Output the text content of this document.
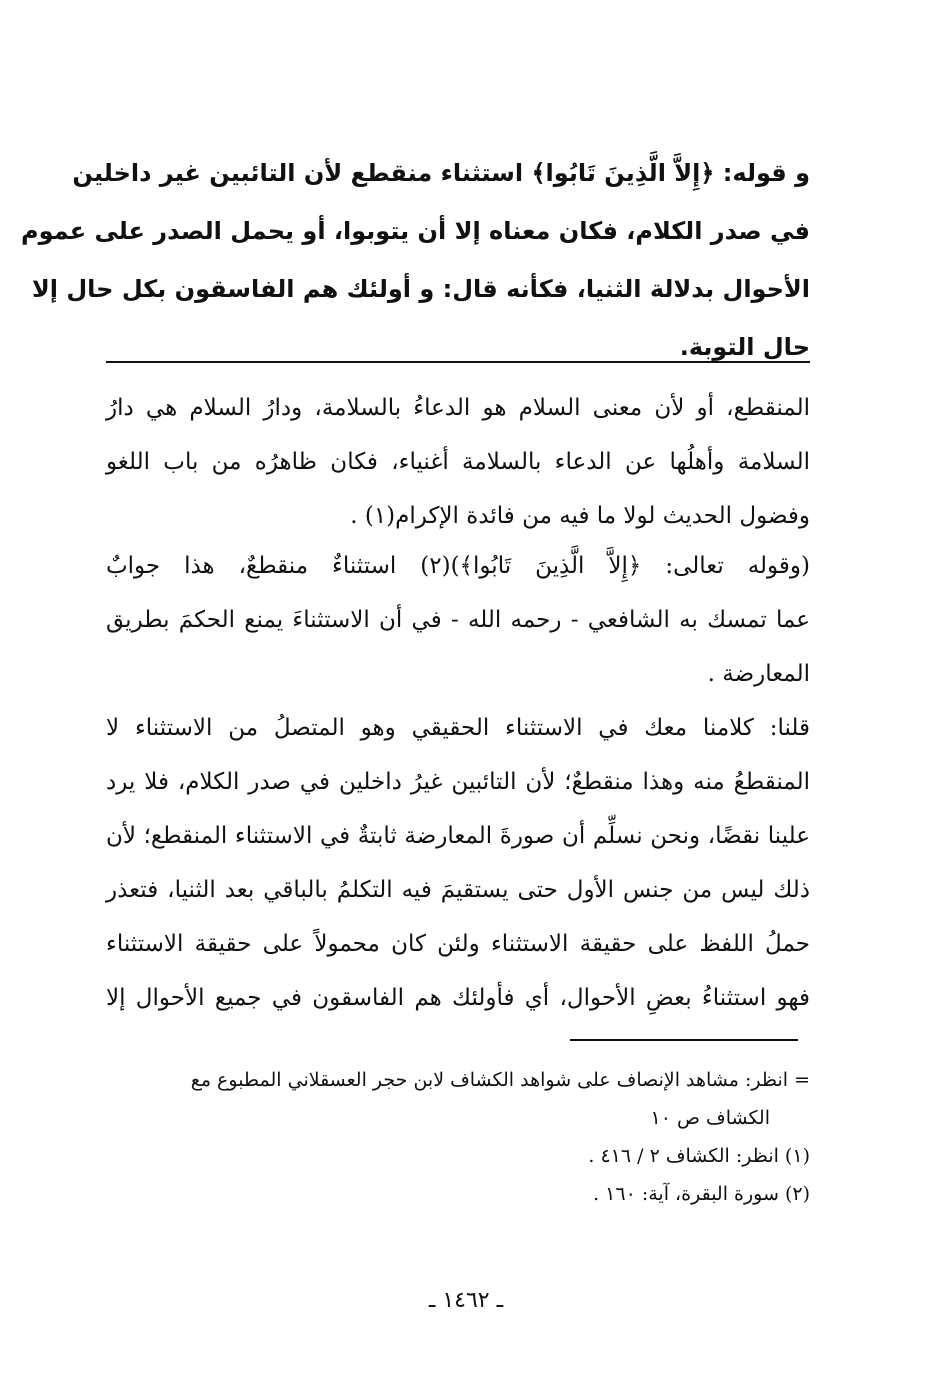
و قوله: ﴿إِلاَّ الَّذِينَ تَابُوا﴾ استثناء منقطع لأن التائبين غير داخلين
في صدر الكلام، فكان معناه إلا أن يتوبوا، أو يحمل الصدر على عموم
الأحوال بدلالة الثنيا، فكأنه قال: و أولئك هم الفاسقون بكل حال إلا
حال التوبة.
المنقطع، أو لأن معنى السلام هو الدعاءُ بالسلامة، ودارُ السلام هي دارُ
السلامة وأهلُها عن الدعاء بالسلامة أغنياء، فكان ظاهرُه من باب اللغو
وفضول الحديث لولا ما فيه من فائدة الإكرام(١) .
(وقوله تعالى: ﴿إِلاَّ الَّذِينَ تَابُوا﴾)(٢) استثناءٌ منقطعٌ، هذا جوابٌ
عما تمسك به الشافعي - رحمه الله - في أن الاستثناءَ يمنع الحكمَ بطريق
المعارضة .
قلنا: كلامنا معك في الاستثناء الحقيقي وهو المتصلُ من الاستثناء لا
المنقطعُ منه وهذا منقطعٌ؛ لأن التائبين غيرُ داخلين في صدر الكلام، فلا يرد
علينا نقضًا، ونحن نسلِّم أن صورةَ المعارضة ثابتةٌ في الاستثناء المنقطع؛ لأن
ذلك ليس من جنس الأول حتى يستقيمَ فيه التكلمُ بالباقي بعد الثنيا، فتعذر
حملُ اللفظ على حقيقة الاستثناء ولئن كان محمولاً على حقيقة الاستثناء
فهو استثناءُ بعضِ الأحوال، أي فأولئك هم الفاسقون في جميع الأحوال إلا
= انظر: مشاهد الإنصاف على شواهد الكشاف لابن حجر العسقلاني المطبوع مع
الكشاف ص ١٠
(١) انظر: الكشاف ٢ / ٤١٦ .
(٢) سورة البقرة، آية: ١٦٠ .
ـ ١٤٦٢ ـ
